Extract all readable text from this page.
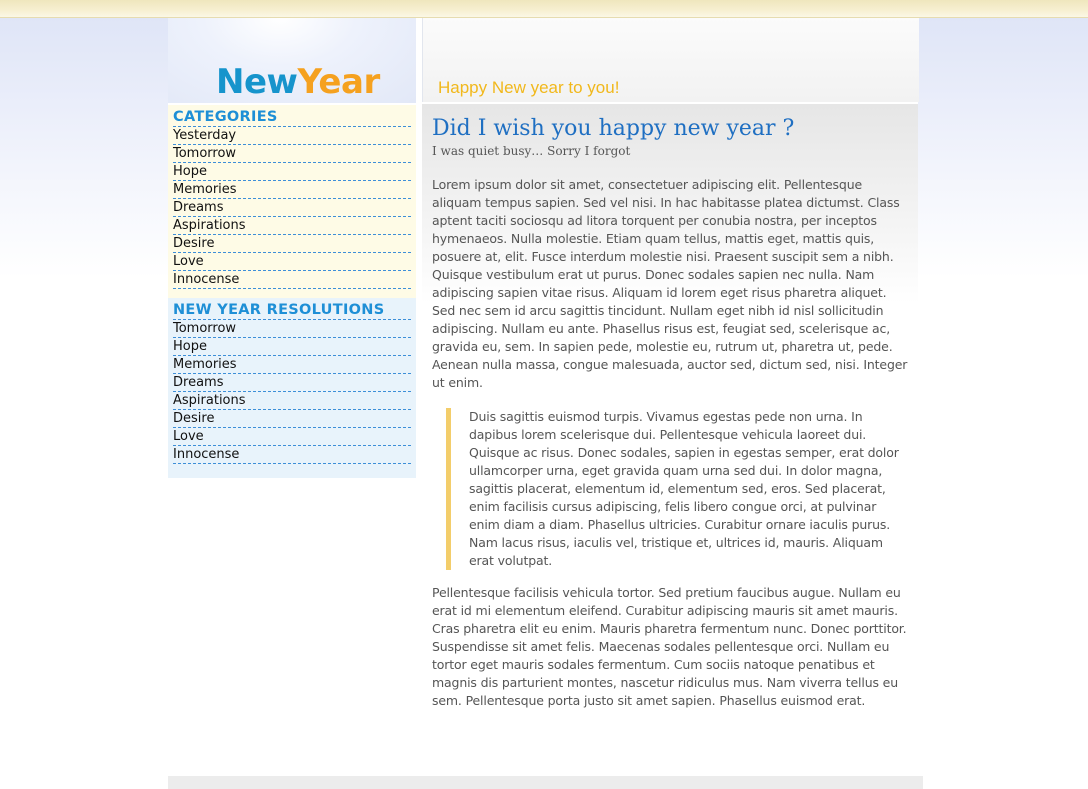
NewYear	Happy New year to you!
CATEGORIES
Yesterday
Tomorrow
Hope
Memories
Dreams
Aspirations
Desire
Love
Innocense
NEW YEAR RESOLUTIONS
Tomorrow
Hope
Memories
Dreams
Aspirations
Desire
Love
Innocense
Did I wish you happy new year ?

I was quiet busy… Sorry I forgot

Lorem ipsum dolor sit amet, consectetuer adipiscing elit. Pellentesque aliquam tempus sapien. Sed vel nisi. In hac habitasse platea dictumst. Class aptent taciti sociosqu ad litora torquent per conubia nostra, per inceptos hymenaeos. Nulla molestie. Etiam quam tellus, mattis eget, mattis quis, posuere at, elit. Fusce interdum molestie nisi. Praesent suscipit sem a nibh. Quisque vestibulum erat ut purus. Donec sodales sapien nec nulla. Nam adipiscing sapien vitae risus. Aliquam id lorem eget risus pharetra aliquet. Sed nec sem id arcu sagittis tincidunt. Nullam eget nibh id nisl sollicitudin adipiscing. Nullam eu ante. Phasellus risus est, feugiat sed, scelerisque ac, gravida eu, sem. In sapien pede, molestie eu, rutrum ut, pharetra ut, pede. Aenean nulla massa, congue malesuada, auctor sed, dictum sed, nisi. Integer ut enim.

Duis sagittis euismod turpis. Vivamus egestas pede non urna. In dapibus lorem scelerisque dui. Pellentesque vehicula laoreet dui. Quisque ac risus. Donec sodales, sapien in egestas semper, erat dolor ullamcorper urna, eget gravida quam urna sed dui. In dolor magna, sagittis placerat, elementum id, elementum sed, eros. Sed placerat, enim facilisis cursus adipiscing, felis libero congue orci, at pulvinar enim diam a diam. Phasellus ultricies. Curabitur ornare iaculis purus. Nam lacus risus, iaculis vel, tristique et, ultrices id, mauris. Aliquam erat volutpat.

Pellentesque facilisis vehicula tortor. Sed pretium faucibus augue. Nullam eu erat id mi elementum eleifend. Curabitur adipiscing mauris sit amet mauris. Cras pharetra elit eu enim. Mauris pharetra fermentum nunc. Donec porttitor. Suspendisse sit amet felis. Maecenas sodales pellentesque orci. Nullam eu tortor eget mauris sodales fermentum. Cum sociis natoque penatibus et magnis dis parturient montes, nascetur ridiculus mus. Nam viverra tellus eu sem. Pellentesque porta justo sit amet sapien. Phasellus euismod erat.
